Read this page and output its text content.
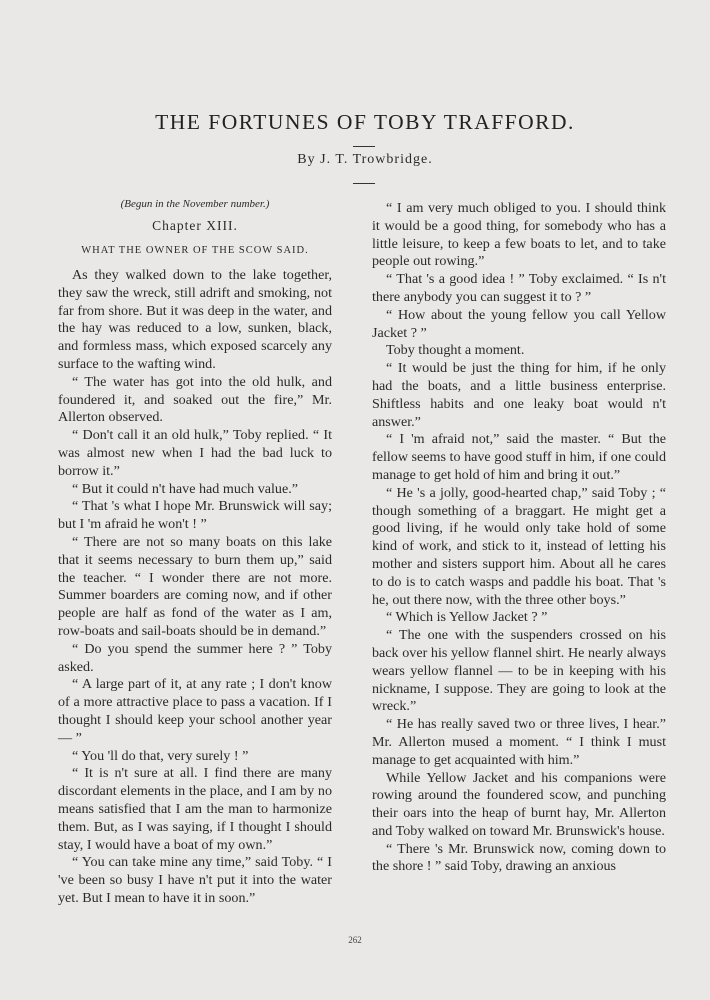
THE FORTUNES OF TOBY TRAFFORD.
By J. T. Trowbridge.
(Begun in the November number.)
Chapter XIII.
WHAT THE OWNER OF THE SCOW SAID.

As they walked down to the lake together, they saw the wreck, still adrift and smoking, not far from shore. But it was deep in the water, and the hay was reduced to a low, sunken, black, and formless mass, which exposed scarcely any surface to the wafting wind.

“ The water has got into the old hulk, and foundered it, and soaked out the fire,” Mr. Allerton observed.

“ Don't call it an old hulk,” Toby replied. “ It was almost new when I had the bad luck to borrow it.”

“ But it could n't have had much value.”

“ That 's what I hope Mr. Brunswick will say; but I 'm afraid he won't ! ”

“ There are not so many boats on this lake that it seems necessary to burn them up,” said the teacher. “ I wonder there are not more. Summer boarders are coming now, and if other people are half as fond of the water as I am, row-boats and sail-boats should be in demand.”

“ Do you spend the summer here ? ” Toby asked.

“ A large part of it, at any rate ; I don't know of a more attractive place to pass a vacation. If I thought I should keep your school another year — ”

“ You 'll do that, very surely ! ”

“ It is n't sure at all. I find there are many discordant elements in the place, and I am by no means satisfied that I am the man to harmonize them. But, as I was saying, if I thought I should stay, I would have a boat of my own.”

“ You can take mine any time,” said Toby. “ I 've been so busy I have n't put it into the water yet. But I mean to have it in soon.”

“ I am very much obliged to you. I should think it would be a good thing, for somebody who has a little leisure, to keep a few boats to let, and to take people out rowing.”

“ That 's a good idea ! ” Toby exclaimed. “ Is n't there anybody you can suggest it to ? ”

“ How about the young fellow you call Yellow Jacket ? ”

Toby thought a moment.

“ It would be just the thing for him, if he only had the boats, and a little business enterprise. Shiftless habits and one leaky boat would n't answer.”

“ I 'm afraid not,” said the master. “ But the fellow seems to have good stuff in him, if one could manage to get hold of him and bring it out.”

“ He 's a jolly, good-hearted chap,” said Toby ; “ though something of a braggart. He might get a good living, if he would only take hold of some kind of work, and stick to it, instead of letting his mother and sisters support him. About all he cares to do is to catch wasps and paddle his boat. That 's he, out there now, with the three other boys.”

“ Which is Yellow Jacket ? ”

“ The one with the suspenders crossed on his back over his yellow flannel shirt. He nearly always wears yellow flannel — to be in keeping with his nickname, I suppose. They are going to look at the wreck.”

“ He has really saved two or three lives, I hear.” Mr. Allerton mused a moment. “ I think I must manage to get acquainted with him.”

While Yellow Jacket and his companions were rowing around the foundered scow, and punching their oars into the heap of burnt hay, Mr. Allerton and Toby walked on toward Mr. Brunswick's house.

“ There 's Mr. Brunswick now, coming down to the shore ! ” said Toby, drawing an anxious

262
